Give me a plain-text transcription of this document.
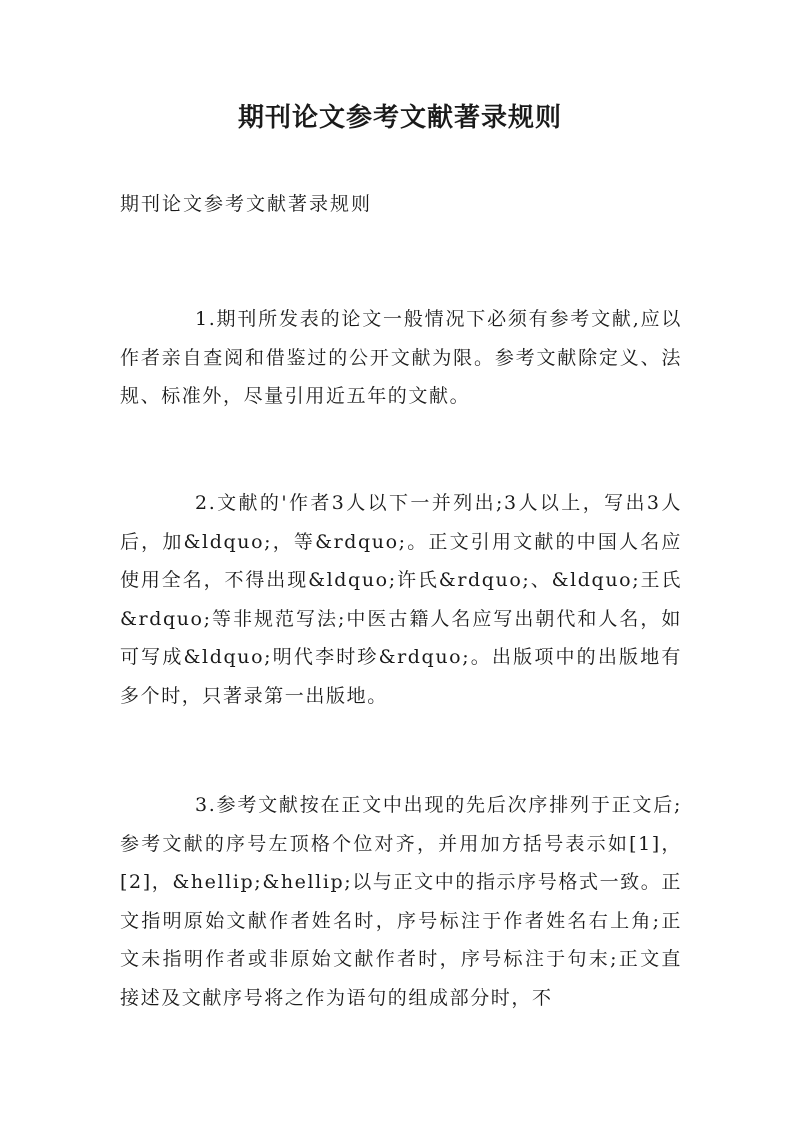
期刊论文参考文献著录规则

期刊论文参考文献著录规则

1.期刊所发表的论文一般情况下必须有参考文献,应以作者亲自查阅和借鉴过的公开文献为限。参考文献除定义、法规、标准外，尽量引用近五年的文献。

2.文献的'作者3人以下一并列出;3人以上，写出3人后，加&ldquo;，等&rdquo;。正文引用文献的中国人名应使用全名，不得出现&ldquo;许氏&rdquo;、&ldquo;王氏&rdquo;等非规范写法;中医古籍人名应写出朝代和人名，如可写成&ldquo;明代李时珍&rdquo;。出版项中的出版地有多个时，只著录第一出版地。

3.参考文献按在正文中出现的先后次序排列于正文后;参考文献的序号左顶格个位对齐，并用加方括号表示如[1]，[2]，&hellip;&hellip;以与正文中的指示序号格式一致。正文指明原始文献作者姓名时，序号标注于作者姓名右上角;正文未指明作者或非原始文献作者时，序号标注于句末;正文直接述及文献序号将之作为语句的组成部分时，不
